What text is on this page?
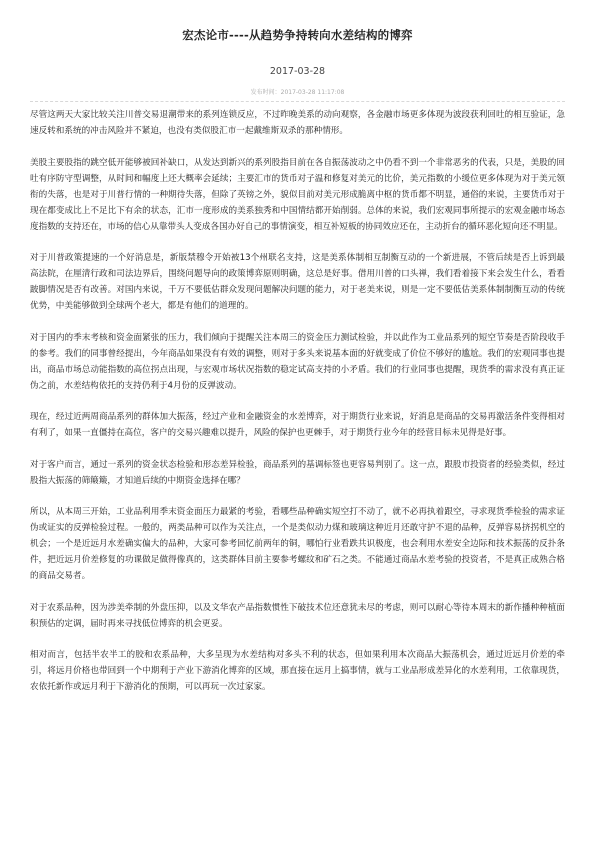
宏杰论市----从趋势争持转向水差结构的博弈
2017-03-28
发布时间：2017-03-28 11:17:08

尽管这两天大家比较关注川普交易退潮带来的系列连锁反应，不过昨晚美系的动向观察，各金融市场更多体现为波段获利回吐的相互验证，急速反转和系统的冲击风险并不紧迫，也没有类似股汇市一起戴维斯双杀的那种情形。

美股主要股指的跳空低开能够被回补缺口，从发达到新兴的系列股指目前在各自振荡波动之中仍看不到一个非常恶劣的代表，只是，美股的回吐有序防守型调整，从时间和幅度上还大概率会延续；主要汇市的货币对子温和修复对美元的比价，美元指数的小缓位更多体现为对于美元领衔的失落，也是对于川普行情的一种期待失落，但除了英镑之外，貌似目前对美元形成脆离中枢的货币都不明显，通俗的来说，主要货币对于现在都变成比上不足比下有余的状态，汇市一度形成的美系独秀和中国情结都开始削弱。总体的来说，我们宏观同事所提示的宏观金融市场态度指数的支持还在，市场的信心从靠带头人变成各国办好自己的事情演变，相互补短板的协同效应还在，主动折台的循环恶化短向还不明显。

对于川普政策提速的一个好消息是，新版禁穆令开始被13个州联名支持，这是美系体制相互制衡互动的一个新进展，不管后续是否上诉到最高法院，在厘清行政和司法边界后，围绕问题导向的政策博弈原则明确，这总是好事。借用川普的口头禅，我们看着接下来会发生什么，看看跛脚情况是否有改善。对国内来说，千万不要低估群众发现问题解决问题的能力，对于老美来说，则是一定不要低估美系体制制衡互动的传统优势，中美能够做到全球两个老大，都是有他们的道理的。

对于国内的季末考核和资金面紧张的压力，我们倾向于提醒关注本周三的资金压力测试检验，并以此作为工业品系列的短空节奏是否阶段收手的参考。我们的同事曾经提出，今年商品如果没有有效的调整，则对于多头来说基本面的好就变成了价位不够好的尴尬。我们的宏观同事也提出，商品市场总动能指数的高位拐点出现，与宏观市场状况指数的稳定试高支持的小矛盾。我们的行业同事也提醒，现货季的需求没有真正证伪之前，水差结构依托的支持仍利于4月份的反弹波动。

现在，经过近两周商品系列的群体加大振荡，经过产业和金融资金的水差博弈，对于期货行业来说，好消息是商品的交易再激活条件变得相对有利了，如果一直僵持在高位，客户的交易兴趣难以提升，风险的保护也更棘手，对于期货行业今年的经营目标未见得是好事。

对于客户而言，通过一系列的资金状态检验和形态差异检验，商品系列的基调标签也更容易判别了。这一点，跟股市投资者的经验类似，经过股指大振荡的筛簸簸，才知道后续的中期资金选择在哪？

所以，从本周三开始，工业品利用季末资金面压力最紧的考验，看哪些品种确实短空打不动了，就不必再执着跟空，寻求现货季检验的需求证伪或证实的反弹检验过程。一般的，两类品种可以作为关注点，一个是类似动力煤和玻璃这种近月还敢守护不退的品种，反弹容易挤拐机空的机会；一个是近远月水差确实偏大的品种，大家可参考回忆前两年的铜，哪怕行业看跌共识极度，也会利用水差安全边际和技术振荡的反扑条件，把近远月价差修复的功课做足做得像真的，这类群体目前主要参考螺纹和矿石之类。不能通过商品水差考验的投资者，不是真正成熟合格的商品交易者。

对于农系品种，因为涉美牵制的外盘压抑，以及文华农产品指数惯性下破技术位还意犹未尽的考虑，则可以耐心等待本周末的新作播种种植面积预估的定调，届时再来寻找低位博弈的机会更妥。

相对而言，包括半农半工的胶和农系品种，大多呈现为水差结构对多头不利的状态，但如果利用本次商品大振荡机会，通过近远月价差的牵引，将远月价格也带回到一个中期利于产业下游消化博弈的区域，那直接在远月上搞事情，就与工业品形成差异化的水差利用，工依靠现货，农依托新作或远月利于下游消化的预期，可以再玩一次过家家。
